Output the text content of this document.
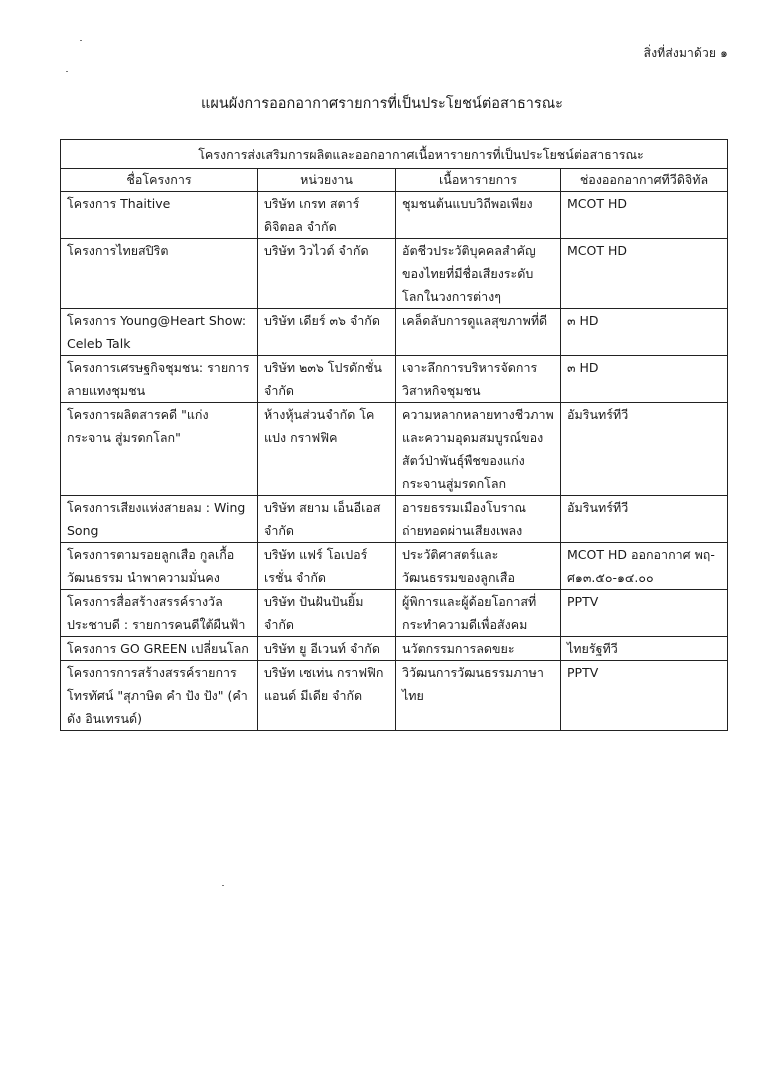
สิ่งที่ส่งมาด้วย ๑
แผนผังการออกอากาศรายการที่เป็นประโยชน์ต่อสาธารณะ
โครงการส่งเสริมการผลิตและออกอากาศเนื้อหารายการที่เป็นประโยชน์ต่อสาธารณะ			
ชื่อโครงการ	หน่วยงาน	เนื้อหารายการ	ช่องออกอากาศทีวีดิจิทัล

โครงการ Thaitive	บริษัท เกรท สตาร์ ดิจิตอล จำกัด	ชุมชนต้นแบบวิถีพอเพียง	MCOT HD

โครงการไทยสปิริต	บริษัท วิวไวด์ จำกัด	อัตชีวประวัติบุคคลสำคัญของไทยที่มีชื่อเสียงระดับโลกในวงการต่างๆ	MCOT HD

โครงการ Young@Heart Show: Celeb Talk	บริษัท เดียร์ ๓๖ จำกัด	เคล็ดลับการดูแลสุขภาพที่ดี	๓ HD

โครงการเศรษฐกิจชุมชน: รายการลายแทงชุมชน	บริษัท ๒๓๖ โปรดักชั่น จำกัด	เจาะลึกการบริหารจัดการวิสาหกิจชุมชน	๓ HD

โครงการผลิตสารคดี "แก่งกระจาน สู่มรดกโลก"	ห้างหุ้นส่วนจำกัด โคแปง กราฟฟิค	ความหลากหลายทางชีวภาพและความอุดมสมบูรณ์ของสัตว์ป่าพันธุ์พืชของแก่งกระจานสู่มรดกโลก	อัมรินทร์ทีวี

โครงการเสียงแห่งสายลม : Wing Song	บริษัท สยาม เอ็นอีเอส จำกัด	อารยธรรมเมืองโบราณถ่ายทอดผ่านเสียงเพลง	อัมรินทร์ทีวี

โครงการตามรอยลูกเสือ กูลเกื้อวัฒนธรรม นำพาความมั่นคง	บริษัท แฟร์ โอเปอร์เรชั่น จำกัด	ประวัติศาสตร์และวัฒนธรรมของลูกเสือ	MCOT HD ออกอากาศ พฤ-ศ๑๓.๕๐-๑๔.๐๐

โครงการสื่อสร้างสรรค์รางวัลประชาบดี : รายการคนดีใต้ผืนฟ้า	บริษัท ปันฝันปันยิ้ม จำกัด	ผู้พิการและผู้ด้อยโอกาสที่กระทำความดีเพื่อสังคม	PPTV

โครงการ GO GREEN เปลี่ยนโลก	บริษัท ยู อีเวนท์ จำกัด	นวัตกรรมการลดขยะ	ไทยรัฐทีวี

โครงการการสร้างสรรค์รายการโทรทัศน์ "สุภาษิต คำ ปัง ปัง" (คำดัง อินเทรนด์)	บริษัท เซเท่น กราฟฟิก แอนด์ มีเดีย จำกัด	วิวัฒนการวัฒนธรรมภาษาไทย	PPTV
